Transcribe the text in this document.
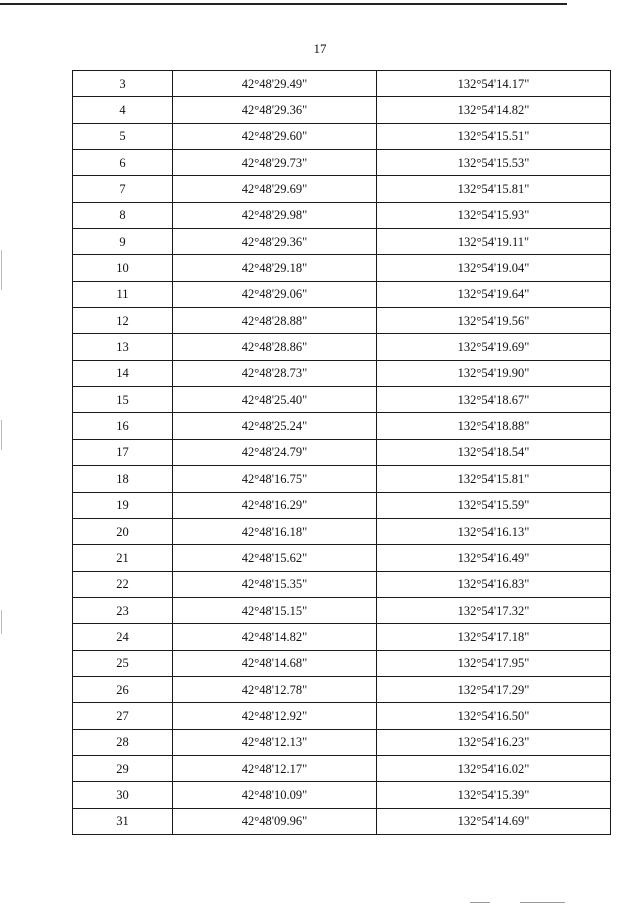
17
3	42°48'29.49"	132°54'14.17"
4	42°48'29.36"	132°54'14.82"
5	42°48'29.60"	132°54'15.51"
6	42°48'29.73"	132°54'15.53"
7	42°48'29.69"	132°54'15.81"
8	42°48'29.98"	132°54'15.93"
9	42°48'29.36"	132°54'19.11"
10	42°48'29.18"	132°54'19.04"
11	42°48'29.06"	132°54'19.64"
12	42°48'28.88"	132°54'19.56"
13	42°48'28.86"	132°54'19.69"
14	42°48'28.73"	132°54'19.90"
15	42°48'25.40"	132°54'18.67"
16	42°48'25.24"	132°54'18.88"
17	42°48'24.79"	132°54'18.54"
18	42°48'16.75"	132°54'15.81"
19	42°48'16.29"	132°54'15.59"
20	42°48'16.18"	132°54'16.13"
21	42°48'15.62"	132°54'16.49"
22	42°48'15.35"	132°54'16.83"
23	42°48'15.15"	132°54'17.32"
24	42°48'14.82"	132°54'17.18"
25	42°48'14.68"	132°54'17.95"
26	42°48'12.78"	132°54'17.29"
27	42°48'12.92"	132°54'16.50"
28	42°48'12.13"	132°54'16.23"
29	42°48'12.17"	132°54'16.02"
30	42°48'10.09"	132°54'15.39"
31	42°48'09.96"	132°54'14.69"
